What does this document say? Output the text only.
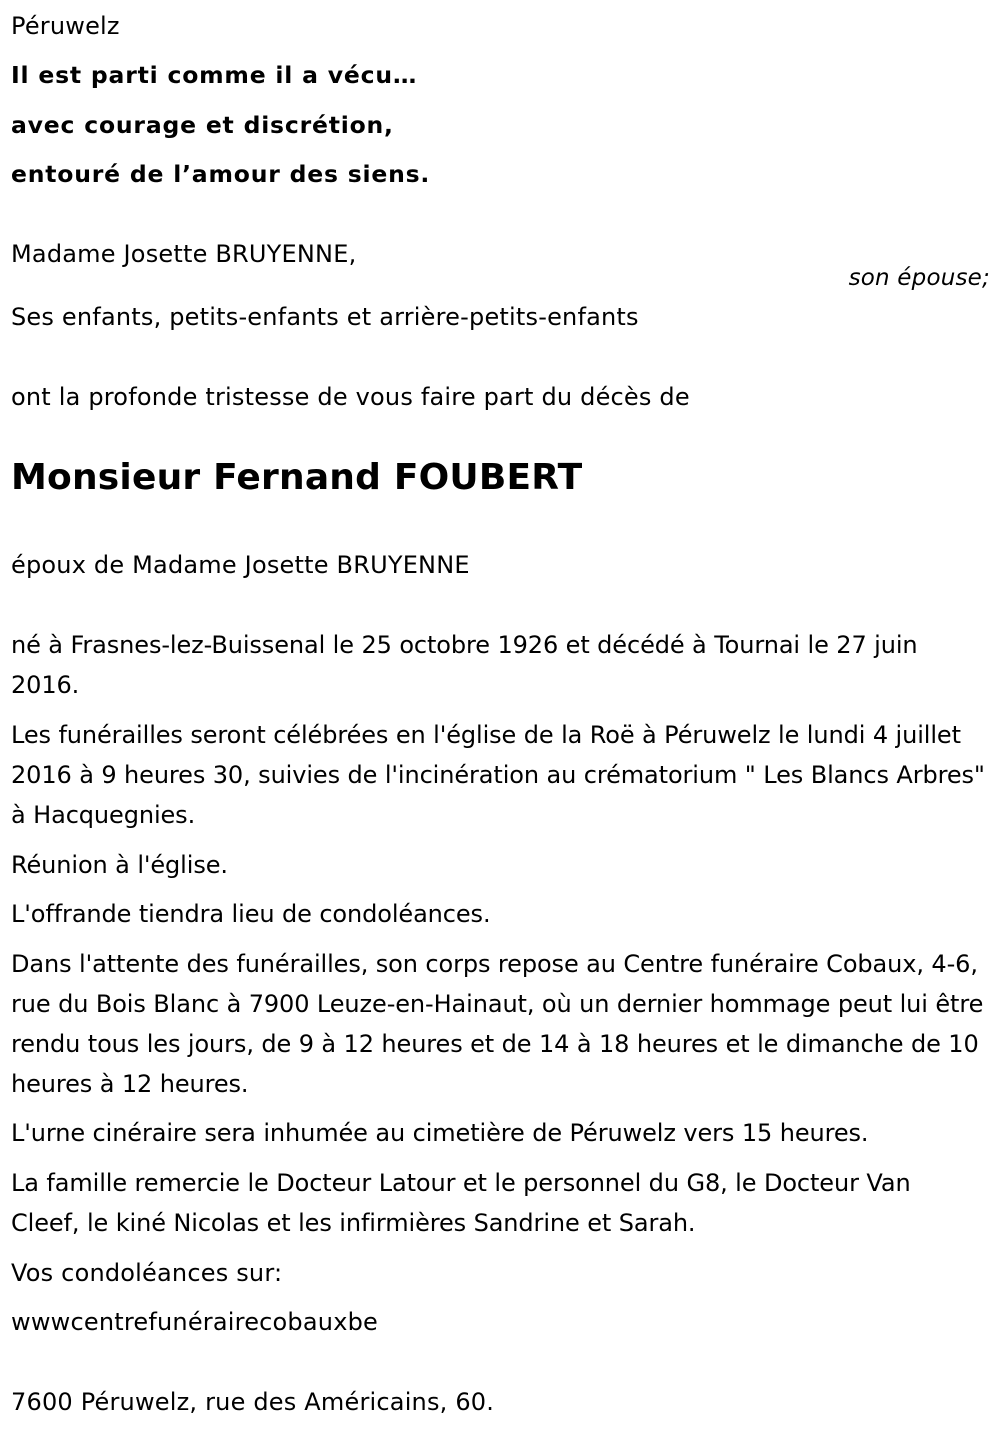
Péruwelz
Il est parti comme il a vécu…
avec courage et discrétion,
entouré de l’amour des siens.
Madame Josette BRUYENNE,
son épouse;
Ses enfants, petits-enfants et arrière-petits-enfants
ont la profonde tristesse de vous faire part du décès de
Monsieur Fernand FOUBERT
époux de Madame Josette BRUYENNE
né à Frasnes-lez-Buissenal le 25 octobre 1926 et décédé à Tournai le 27 juin 2016.
Les funérailles seront célébrées en l'église de la Roë à Péruwelz le lundi 4 juillet 2016 à 9 heures 30, suivies de l'incinération au crématorium " Les Blancs Arbres" à Hacquegnies.
Réunion à l'église.
L'offrande tiendra lieu de condoléances.
Dans l'attente des funérailles, son corps repose au Centre funéraire Cobaux, 4-6, rue du Bois Blanc à 7900 Leuze-en-Hainaut, où un dernier hommage peut lui être rendu tous les jours, de 9 à 12 heures et de 14 à 18 heures et le dimanche de 10 heures à 12 heures.
L'urne cinéraire sera inhumée au cimetière de Péruwelz vers 15 heures.
La famille remercie le Docteur Latour et le personnel du G8, le Docteur Van Cleef, le kiné Nicolas et les infirmières Sandrine et Sarah.
Vos condoléances sur:
wwwcentrefunérairecobauxbe
7600 Péruwelz, rue des Américains, 60.
